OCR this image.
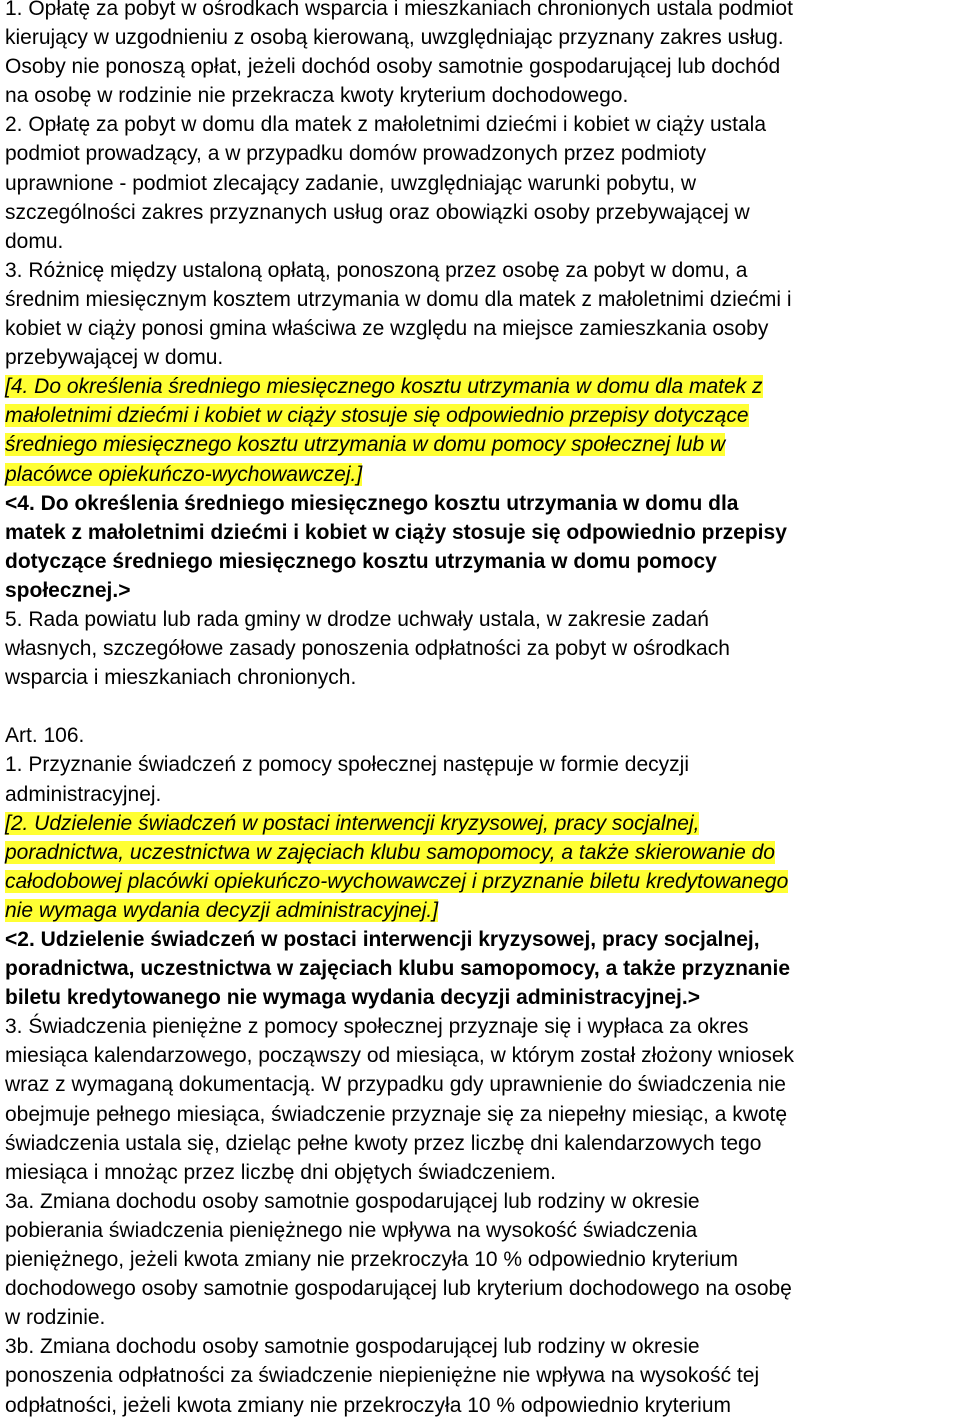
1. Opłatę za pobyt w ośrodkach wsparcia i mieszkaniach chronionych ustala podmiot
kierujący w uzgodnieniu z osobą kierowaną, uwzględniając przyznany zakres usług.
Osoby nie ponoszą opłat, jeżeli dochód osoby samotnie gospodarującej lub dochód
na osobę w rodzinie nie przekracza kwoty kryterium dochodowego.

2. Opłatę za pobyt w domu dla matek z małoletnimi dziećmi i kobiet w ciąży ustala
podmiot prowadzący, a w przypadku domów prowadzonych przez podmioty
uprawnione - podmiot zlecający zadanie, uwzględniając warunki pobytu, w
szczególności zakres przyznanych usług oraz obowiązki osoby przebywającej w
domu.

3. Różnicę między ustaloną opłatą, ponoszoną przez osobę za pobyt w domu, a
średnim miesięcznym kosztem utrzymania w domu dla matek z małoletnimi dziećmi i
kobiet w ciąży ponosi gmina właściwa ze względu na miejsce zamieszkania osoby
przebywającej w domu.

[4. Do określenia średniego miesięcznego kosztu utrzymania w domu dla matek z
małoletnimi dziećmi i kobiet w ciąży stosuje się odpowiednio przepisy dotyczące
średniego miesięcznego kosztu utrzymania w domu pomocy społecznej lub w
placówce opiekuńczo-wychowawczej.]

<4. Do określenia średniego miesięcznego kosztu utrzymania w domu dla
matek z małoletnimi dziećmi i kobiet w ciąży stosuje się odpowiednio przepisy
dotyczące średniego miesięcznego kosztu utrzymania w domu pomocy
społecznej.>

5. Rada powiatu lub rada gminy w drodze uchwały ustala, w zakresie zadań
własnych, szczegółowe zasady ponoszenia odpłatności za pobyt w ośrodkach
wsparcia i mieszkaniach chronionych.

Art. 106.

1. Przyznanie świadczeń z pomocy społecznej następuje w formie decyzji
administracyjnej.

[2. Udzielenie świadczeń w postaci interwencji kryzysowej, pracy socjalnej,
poradnictwa, uczestnictwa w zajęciach klubu samopomocy, a także skierowanie do
całodobowej placówki opiekuńczo-wychowawczej i przyznanie biletu kredytowanego
nie wymaga wydania decyzji administracyjnej.]

<2. Udzielenie świadczeń w postaci interwencji kryzysowej, pracy socjalnej,
poradnictwa, uczestnictwa w zajęciach klubu samopomocy, a także przyznanie
biletu kredytowanego nie wymaga wydania decyzji administracyjnej.>

3. Świadczenia pieniężne z pomocy społecznej przyznaje się i wypłaca za okres
miesiąca kalendarzowego, począwszy od miesiąca, w którym został złożony wniosek
wraz z wymaganą dokumentacją. W przypadku gdy uprawnienie do świadczenia nie
obejmuje pełnego miesiąca, świadczenie przyznaje się za niepełny miesiąc, a kwotę
świadczenia ustala się, dzieląc pełne kwoty przez liczbę dni kalendarzowych tego
miesiąca i mnożąc przez liczbę dni objętych świadczeniem.

3a. Zmiana dochodu osoby samotnie gospodarującej lub rodziny w okresie
pobierania świadczenia pieniężnego nie wpływa na wysokość świadczenia
pieniężnego, jeżeli kwota zmiany nie przekroczyła 10 % odpowiednio kryterium
dochodowego osoby samotnie gospodarującej lub kryterium dochodowego na osobę
w rodzinie.

3b. Zmiana dochodu osoby samotnie gospodarującej lub rodziny w okresie
ponoszenia odpłatności za świadczenie niepieniężne nie wpływa na wysokość tej
odpłatności, jeżeli kwota zmiany nie przekroczyła 10 % odpowiednio kryterium
